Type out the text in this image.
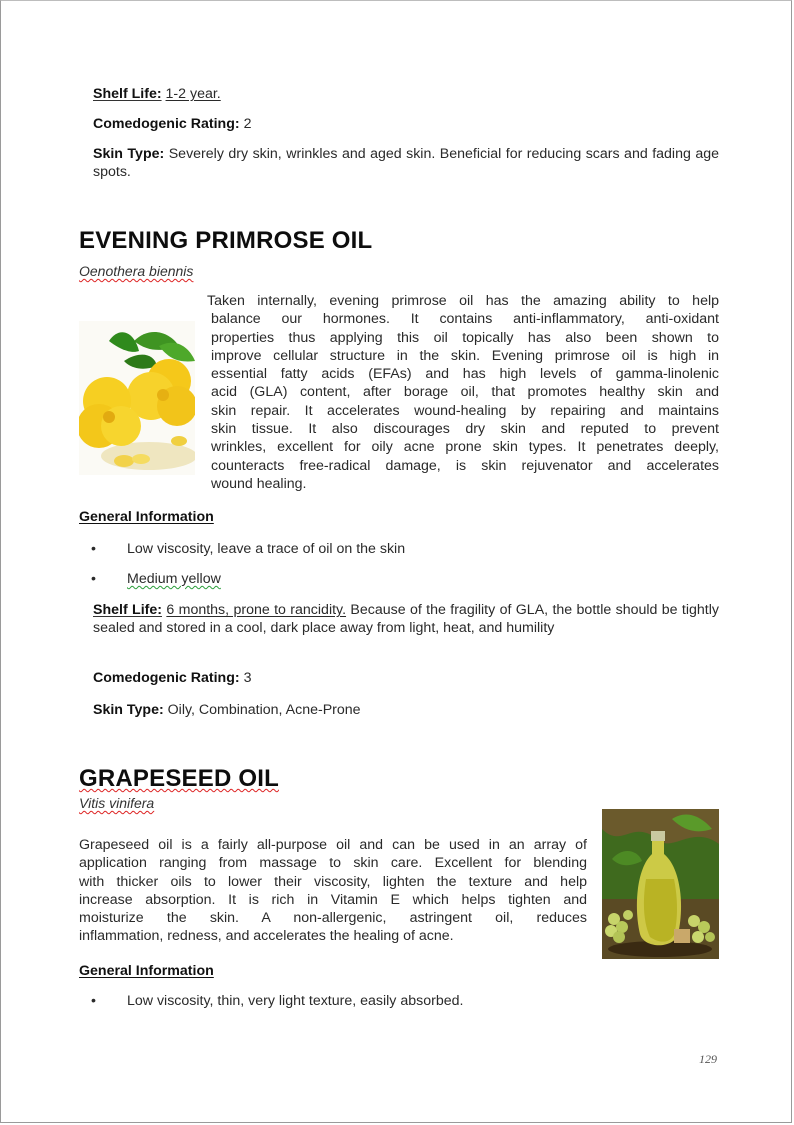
Shelf Life: 1-2 year.
Comedogenic Rating: 2
Skin Type: Severely dry skin, wrinkles and aged skin. Beneficial for reducing scars and fading age spots.
EVENING PRIMROSE OIL
Oenothera biennis
Taken internally, evening primrose oil has the amazing ability to help
balance our hormones. It contains anti-inflammatory, anti-oxidant
properties thus applying this oil topically has also been shown to
improve cellular structure in the skin. Evening primrose oil is high in
essential fatty acids (EFAs) and has high levels of gamma-linolenic
acid (GLA) content, after borage oil, that promotes healthy skin and
skin repair. It accelerates wound-healing by repairing and maintains
skin tissue. It also discourages dry skin and reputed to prevent
wrinkles, excellent for oily acne prone skin types. It penetrates deeply,
counteracts free-radical damage, is skin rejuvenator and accelerates
wound healing.
General Information
•	Low viscosity, leave a trace of oil on the skin
•	Medium yellow
Shelf Life: 6 months, prone to rancidity. Because of the fragility of GLA, the bottle should be tightly sealed and stored in a cool, dark place away from light, heat, and humility
Comedogenic Rating: 3
Skin Type: Oily, Combination, Acne-Prone
GRAPESEED OIL
Vitis vinifera
Grapeseed oil is a fairly all-purpose oil and can be used in an array of
application ranging from massage to skin care. Excellent for blending
with thicker oils to lower their viscosity, lighten the texture and help
increase absorption. It is rich in Vitamin E which helps tighten and
moisturize the skin. A non-allergenic, astringent oil, reduces
inflammation, redness, and accelerates the healing of acne.
General Information
•	Low viscosity, thin, very light texture, easily absorbed.
129
